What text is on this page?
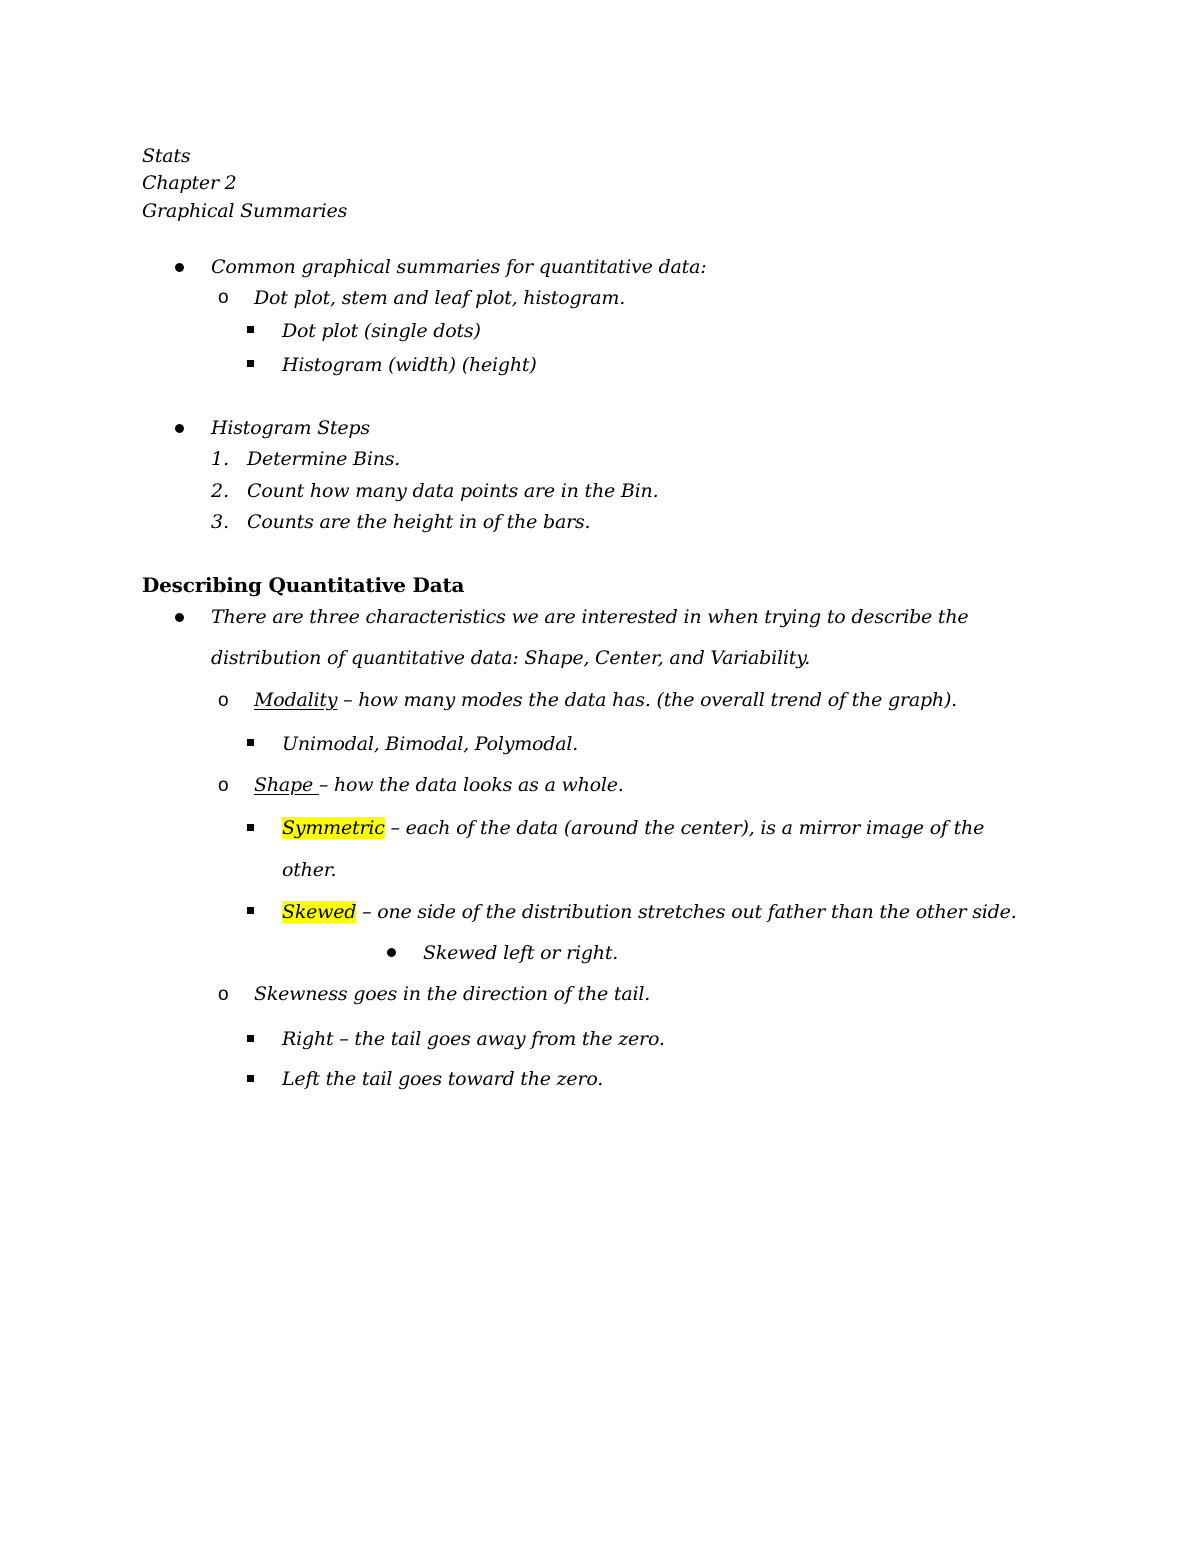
Stats
Chapter 2
Graphical Summaries
Common graphical summaries for quantitative data:
o Dot plot, stem and leaf plot, histogram.
Dot plot (single dots)
Histogram (width) (height)
Histogram Steps
1. Determine Bins.
2. Count how many data points are in the Bin.
3. Counts are the height in of the bars.
Describing Quantitative Data
There are three characteristics we are interested in when trying to describe the
distribution of quantitative data: Shape, Center, and Variability.
o Modality – how many modes the data has. (the overall trend of the graph).
Unimodal, Bimodal, Polymodal.
o Shape – how the data looks as a whole.
Symmetric – each of the data (around the center), is a mirror image of the
other.
Skewed – one side of the distribution stretches out father than the other side.
Skewed left or right.
o Skewness goes in the direction of the tail.
Right – the tail goes away from the zero.
Left the tail goes toward the zero.
